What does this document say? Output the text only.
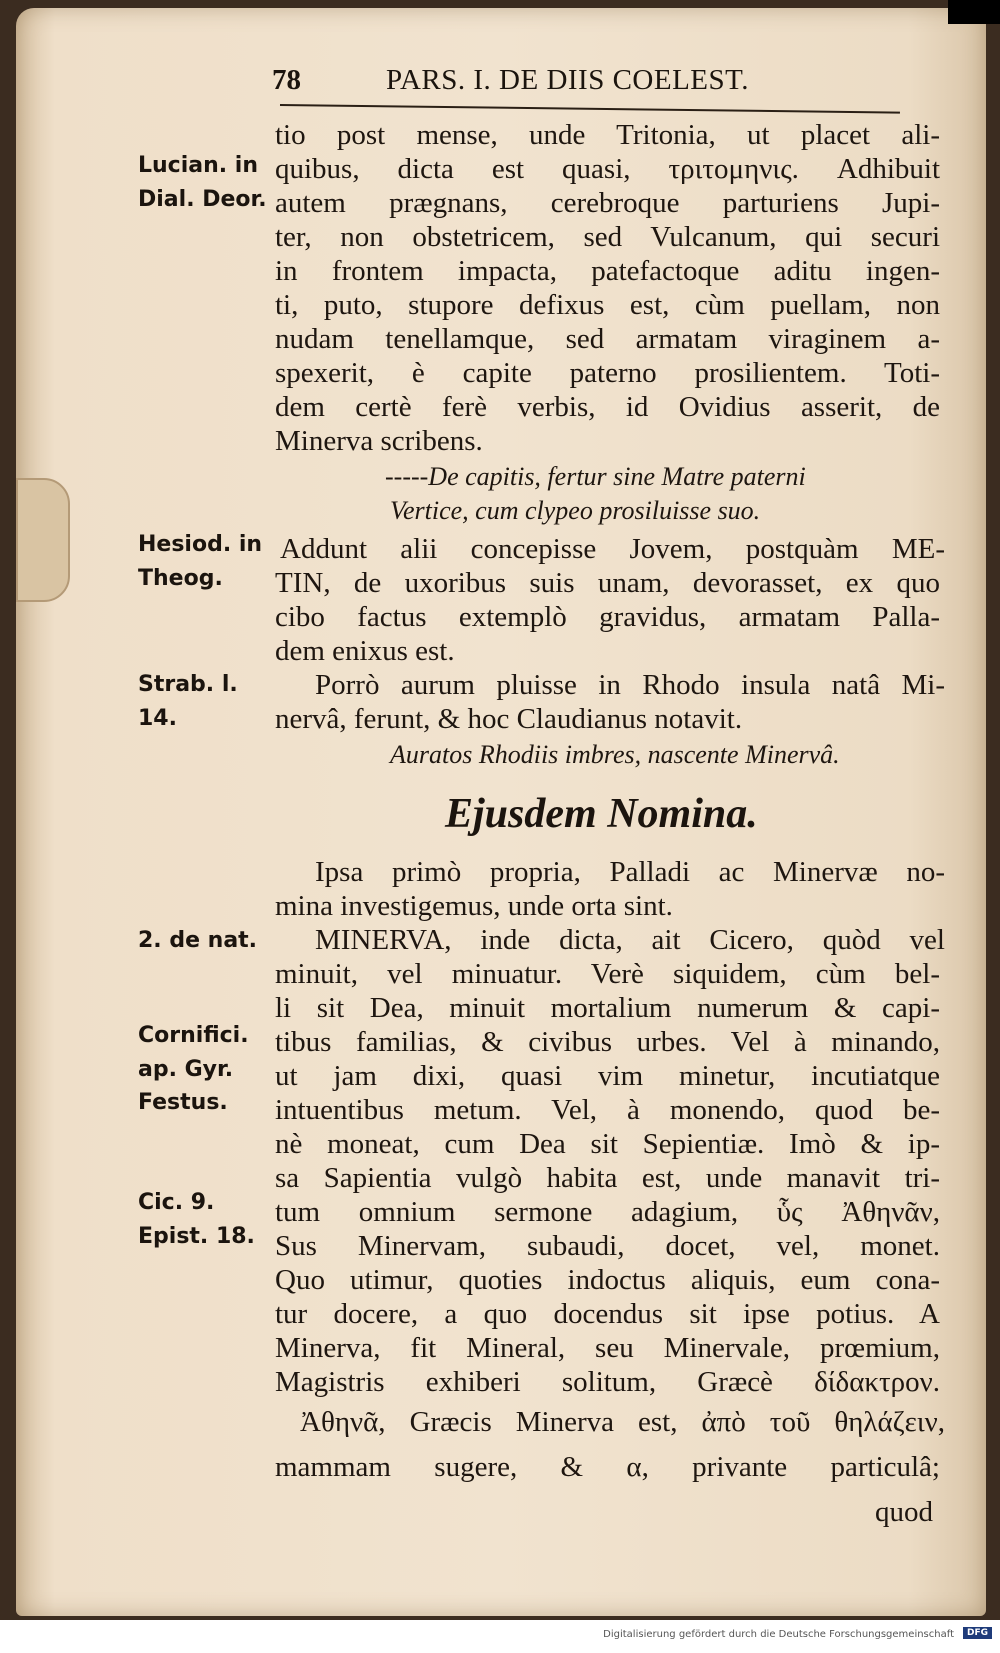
78	PARS. I. DE DIIS COELEST.

Lucian. in

Dial. Deor.

Hesiod. in

Theog.

Strab. l.

14.

2. de nat.

Cornifici.

ap. Gyr.

Festus.

Cic. 9.

Epist. 18.

tio post mense, unde Tritonia, ut placet ali-

quibus, dicta est quasi, τριτομηνις. Adhibuit

autem prægnans, cerebroque parturiens Jupi-

ter, non obstetricem, sed Vulcanum, qui securi

in frontem impacta, patefactoque aditu ingen-

ti, puto, stupore defixus est, cùm puellam, non

nudam tenellamque, sed armatam viraginem a-

spexerit, è capite paterno prosilientem. Toti-

dem certè ferè verbis, id Ovidius asserit, de

Minerva scribens.

-----De capitis, fertur sine Matre paterni

Vertice, cum clypeo prosiluisse suo.

Addunt alii concepisse Jovem, postquàm ME-

TIN, de uxoribus suis unam, devorasset, ex quo

cibo factus extemplò gravidus, armatam Palla-

dem enixus est.

Porrò aurum pluisse in Rhodo insula natâ Mi-

nervâ, ferunt, & hoc Claudianus notavit.

Auratos Rhodiis imbres, nascente Minervâ.

Ejusdem Nomina.

Ipsa primò propria, Palladi ac Minervæ no-

mina investigemus, unde orta sint.

MINERVA, inde dicta, ait Cicero, quòd vel

minuit, vel minuatur. Verè siquidem, cùm bel-

li sit Dea, minuit mortalium numerum & capi-

tibus familias, & civibus urbes. Vel à minando,

ut jam dixi, quasi vim minetur, incutiatque

intuentibus metum. Vel, à monendo, quod be-

nè moneat, cum Dea sit Sepientiæ. Imò & ip-

sa Sapientia vulgò habita est, unde manavit tri-

tum omnium sermone adagium, ὗς Ἀθηνᾶν,

Sus Minervam, subaudi, docet, vel, monet.

Quo utimur, quoties indoctus aliquis, eum cona-

tur docere, a quo docendus sit ipse potius. A

Minerva, fit Mineral, seu Minervale, prœmium,

Magistris exhiberi solitum, Græcè δίδακτρον.

Ἀθηνᾶ, Græcis Minerva est, ἀπὸ τοῦ θηλάζειν,

mammam sugere, & α, privante particulâ;

quod

Digitalisierung gefördert durch die Deutsche Forschungsgemeinschaft	DFG
